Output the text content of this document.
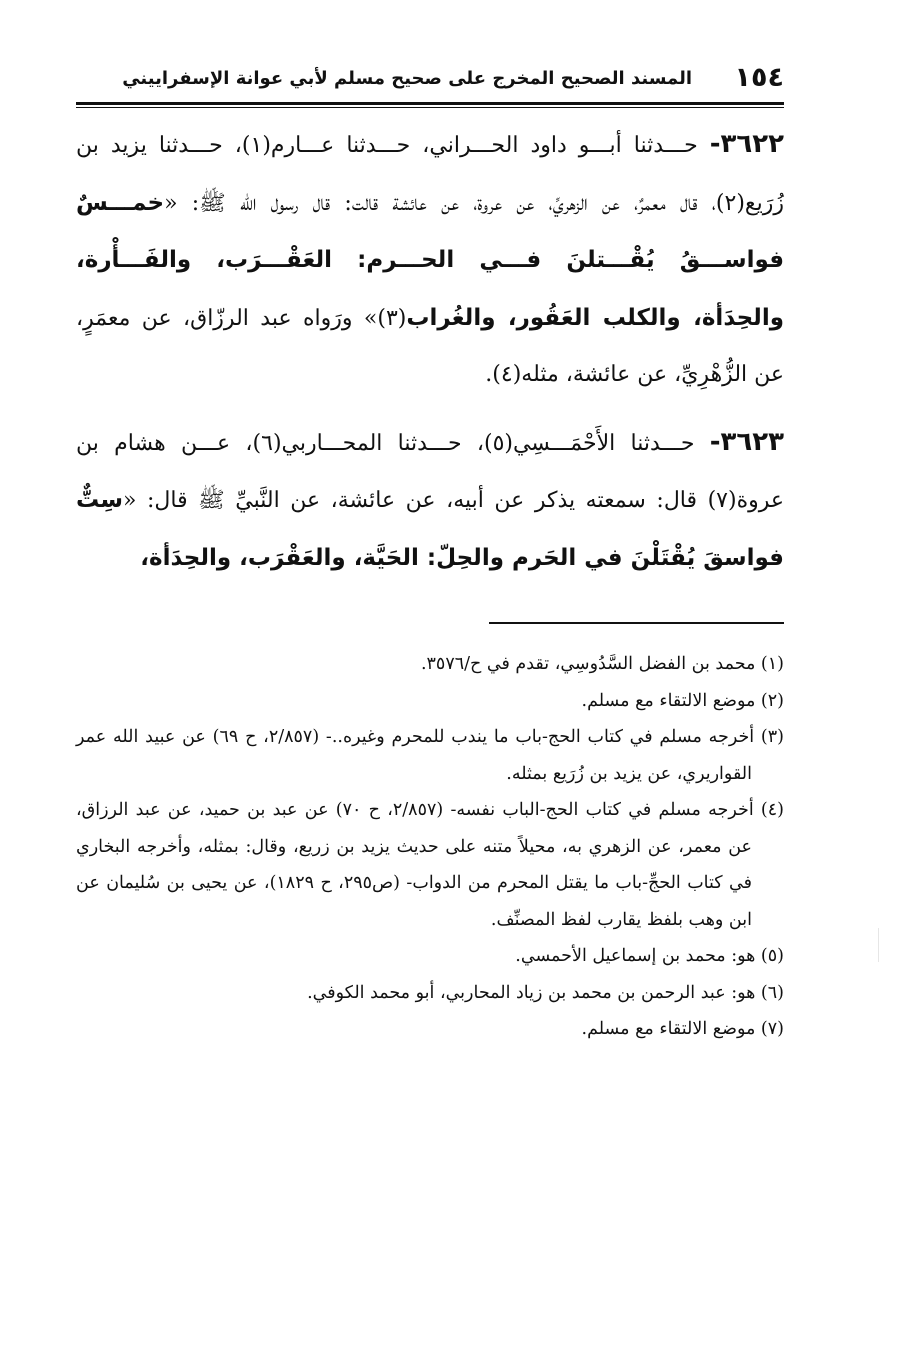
١٥٤
المسند الصحيح المخرج على صحيح مسلم لأبي عوانة الإسفراييني

٣٦٢٢- حـــدثنا أبـــو داود الحـــراني، حـــدثنا عـــارم(١)، حـــدثنا يزيد بن زُرَيع(٢)، قال معمرٌ، عن الزهريِّ، عن عروة، عن عائشة قالت: قال رسول الله ﷺ: «خمـــسٌ فواســـقُ يُقْـــتلنَ فـــي الحـــرم: العَقْـــرَب، والفَـــأْرة، والحِدَأة، والكلب العَقُور، والغُراب(٣)» ورَواه عبد الرزّاق، عن معمَرٍ، عن الزُّهْرِيِّ، عن عائشة، مثله(٤).

٣٦٢٣- حـــدثنا الأَحْمَـــسِي(٥)، حـــدثنا المحـــاربي(٦)، عـــن هشام بن عروة(٧) قال: سمعته يذكر عن أبيه، عن عائشة، عن النَّبيِّ ﷺ قال: «سِتٌّ فواسقَ يُقْتَلْنَ في الحَرم والحِلّ: الحَيَّة، والعَقْرَب، والحِدَأة،

(١) محمد بن الفضل السَّدُوسِي، تقدم في ح/٣٥٧٦.

(٢) موضع الالتقاء مع مسلم.

(٣) أخرجه مسلم في كتاب الحج-باب ما يندب للمحرم وغيره..- (٢/٨٥٧، ح ٦٩) عن عبيد الله عمر القواريري، عن يزيد بن زُرَيع بمثله.

(٤) أخرجه مسلم في كتاب الحج-الباب نفسه- (٢/٨٥٧، ح ٧٠) عن عبد بن حميد، عن عبد الرزاق، عن معمر، عن الزهري به، محيلاً متنه على حديث يزيد بن زريع، وقال: بمثله، وأخرجه البخاري في كتاب الحجِّ-باب ما يقتل المحرم من الدواب- (ص٢٩٥، ح ١٨٢٩)، عن يحيى بن سُليمان عن ابن وهب بلفظ يقارب لفظ المصنِّف.

(٥) هو: محمد بن إسماعيل الأحمسي.

(٦) هو: عبد الرحمن بن محمد بن زياد المحاربي، أبو محمد الكوفي.

(٧) موضع الالتقاء مع مسلم.
